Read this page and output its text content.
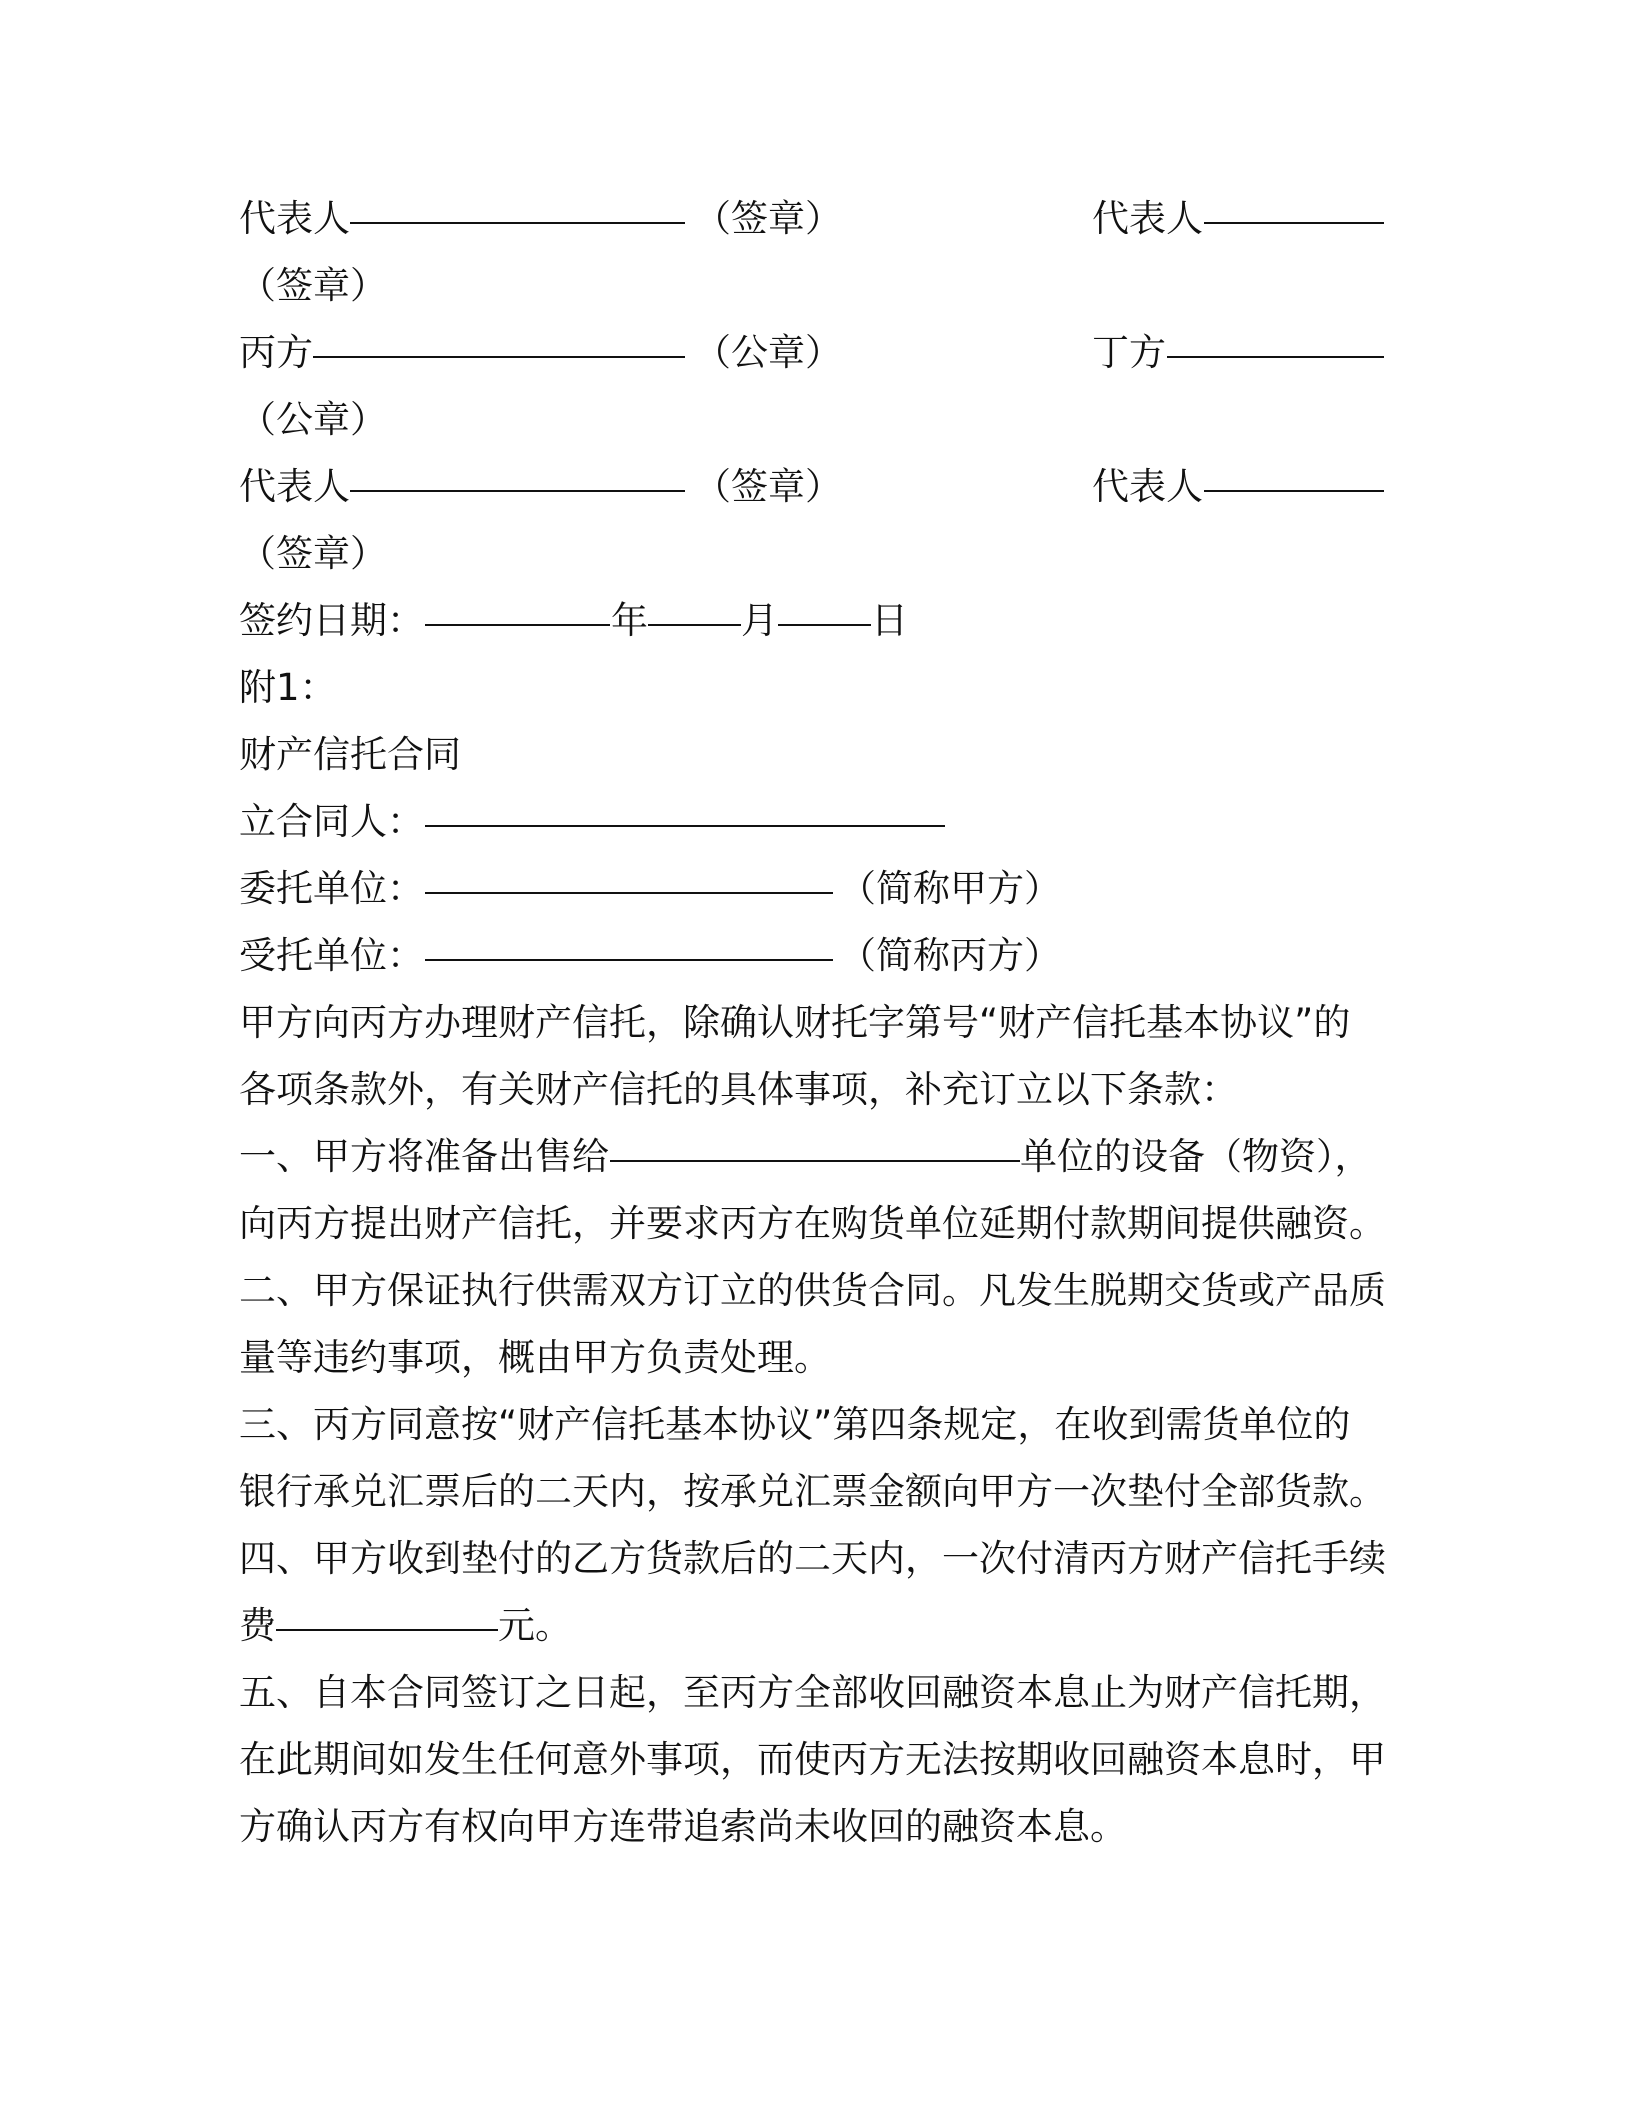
代表人	（签章）	代表人
（签章）
丙方	（公章）	丁方
（公章）
代表人	（签章）	代表人
（签章）
签约日期：	年	月	日
附1：
财产信托合同
立合同人：
委托单位：	（简称甲方）
受托单位：	（简称丙方）
甲方向丙方办理财产信托，除确认财托字第号“财产信托基本协议”的
各项条款外，有关财产信托的具体事项，补充订立以下条款：
一、甲方将准备出售给	单位的设备（物资），
向丙方提出财产信托，并要求丙方在购货单位延期付款期间提供融资。
二、甲方保证执行供需双方订立的供货合同。凡发生脱期交货或产品质
量等违约事项，概由甲方负责处理。
三、丙方同意按“财产信托基本协议”第四条规定，在收到需货单位的
银行承兑汇票后的二天内，按承兑汇票金额向甲方一次垫付全部货款。
四、甲方收到垫付的乙方货款后的二天内，一次付清丙方财产信托手续
费	元。
五、自本合同签订之日起，至丙方全部收回融资本息止为财产信托期，
在此期间如发生任何意外事项，而使丙方无法按期收回融资本息时，甲
方确认丙方有权向甲方连带追索尚未收回的融资本息。
